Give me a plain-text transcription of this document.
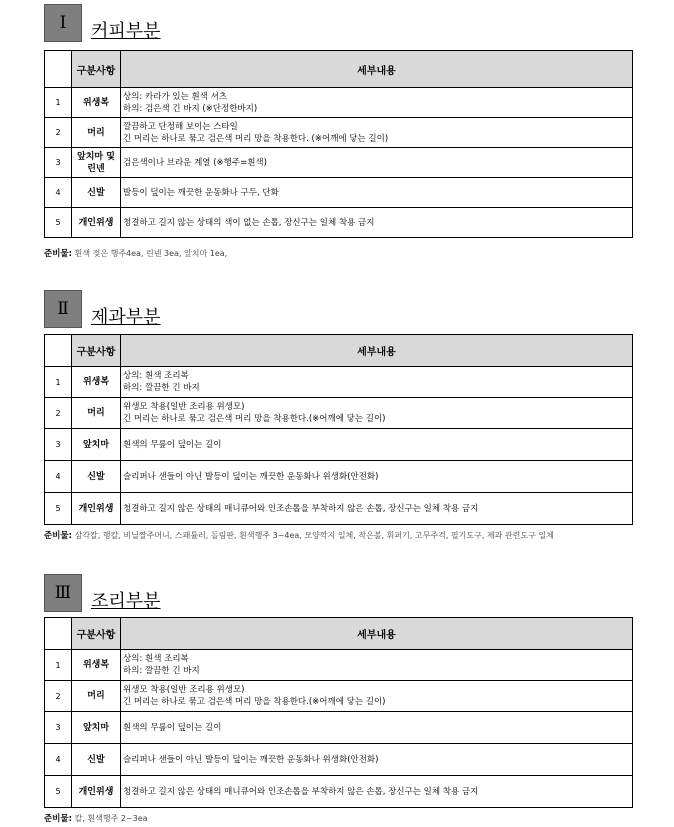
Ⅰ	커피부분
	구분사항	세부내용
1	위생복	상의: 카라가 있는 흰색 셔츠
하의: 검은색 긴 바지 (※단정한바지)

2	머리	깔끔하고 단정해 보이는 스타일
긴 머리는 하나로 묶고 검은색 머리 망을 착용한다. (※어깨에 닿는 길이)

3	앞치마 및 린넨	검은색이나 브라운 계열 (※행주=흰색)

4	신발	발등이 덮이는 깨끗한 운동화나 구두, 단화

5	개인위생	청결하고 길지 않는 상태의 색이 없는 손톱, 장신구는 일체 착용 금지
준비물: 흰색 젖은 행주4ea, 린넨 3ea, 앞치마 1ea,
Ⅱ	제과부분
	구분사항	세부내용
1	위생복	상의: 흰색 조리복
하의: 깔끔한 긴 바지

2	머리	위생모 착용(일반 조리용 위생모)
긴 머리는 하나로 묶고 검은색 머리 망을 착용한다.(※어깨에 닿는 길이)

3	앞치마	흰색의 무릎이 덮이는 길이

4	신발	슬리퍼나 샌들이 아닌 발등이 덮이는 깨끗한 운동화나 위생화(안전화)

5	개인위생	청결하고 길지 않은 상태의 매니큐어와 인조손톱을 부착하지 않은 손톱, 장신구는 일체 착용 금지
준비물: 삼각칼, 행칼, 비닐짤주머니, 스패튤러, 돌림판, 흰색행주 3~4ea, 모양깍지 일체, 작은볼, 휘퍼기, 고무주걱, 필기도구, 제과 관련도구 일체
Ⅲ	조리부분
	구분사항	세부내용
1	위생복	상의: 흰색 조리복
하의: 깔끔한 긴 바지

2	머리	위생모 착용(일반 조리용 위생모)
긴 머리는 하나로 묶고 검은색 머리 망을 착용한다.(※어깨에 닿는 길이)

3	앞치마	흰색의 무릎이 덮이는 길이

4	신발	슬리퍼나 샌들이 아닌 발등이 덮이는 깨끗한 운동화나 위생화(안전화)

5	개인위생	청결하고 길지 않은 상태의 매니큐어와 인조손톱을 부착하지 않은 손톱, 장신구는 일체 착용 금지
준비물: 칼, 흰색행주 2~3ea
